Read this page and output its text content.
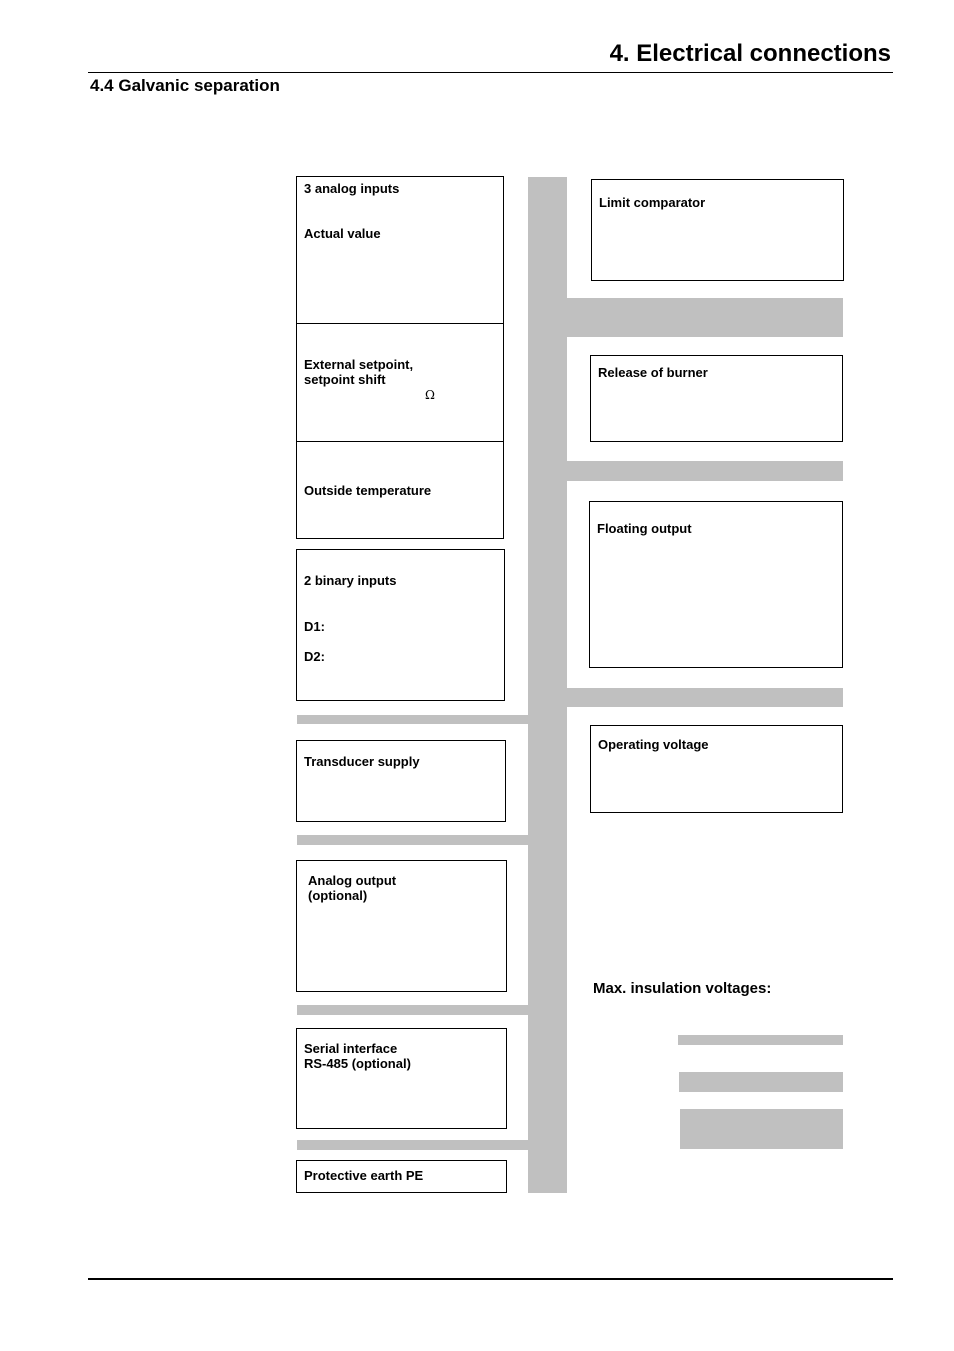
4. Electrical connections
4.4 Galvanic separation
Max. insulation voltages:
3 analog inputs
Actual value
External setpoint,
setpoint shift
Ω
Outside temperature
2 binary inputs
D1:
D2:
Transducer supply
Analog output
(optional)
Serial interface
RS-485 (optional)
Protective earth PE
Limit comparator
Release of burner
Floating output
Operating voltage
